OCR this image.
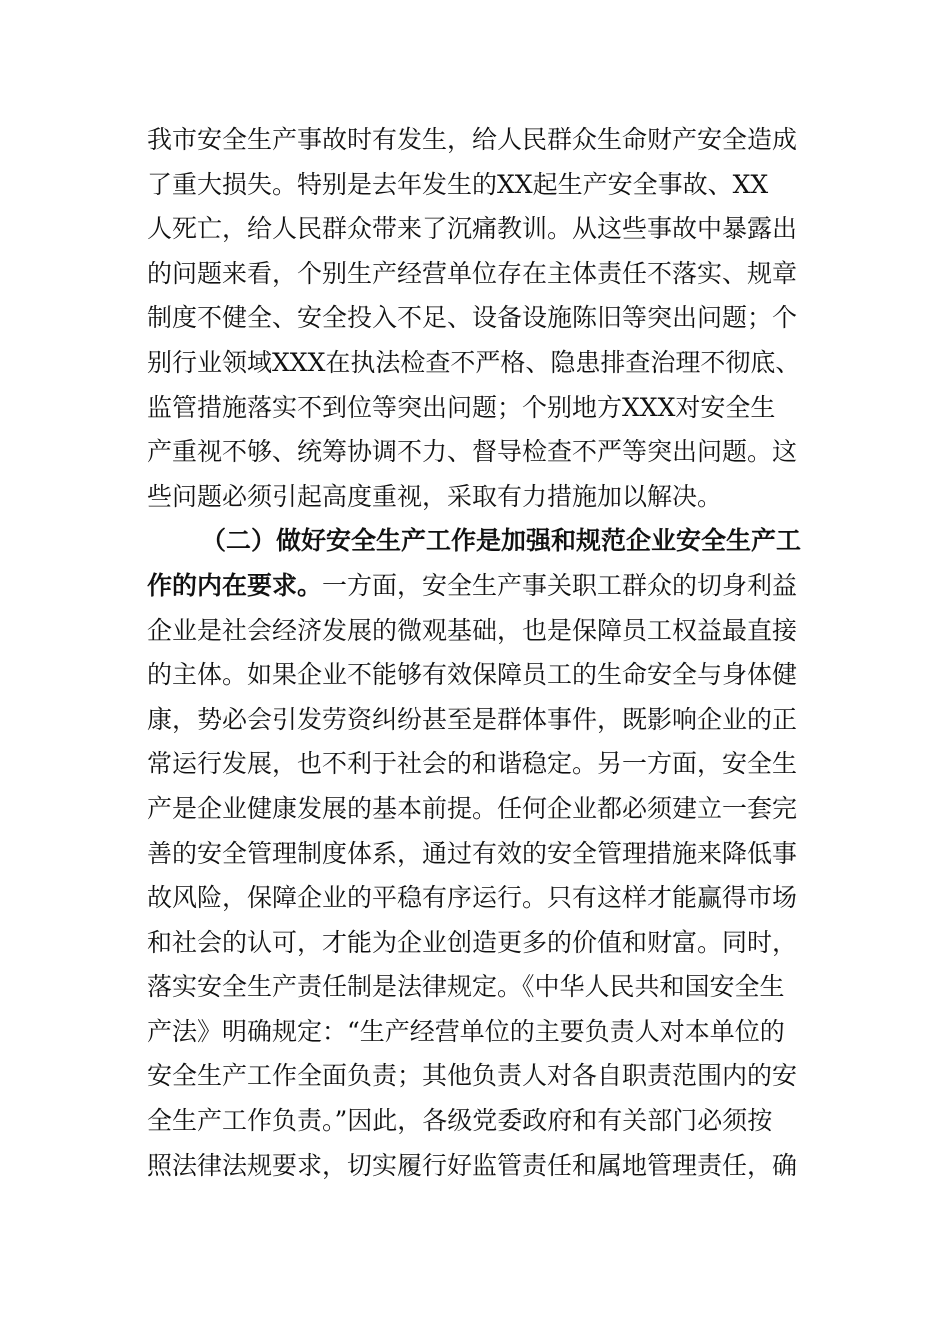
我市安全生产事故时有发生，给人民群众生命财产安全造成
了重大损失。特别是去年发生的XX起生产安全事故、XX
人死亡，给人民群众带来了沉痛教训。从这些事故中暴露出
的问题来看，个别生产经营单位存在主体责任不落实、规章
制度不健全、安全投入不足、设备设施陈旧等突出问题；个
别行业领域XXX在执法检查不严格、隐患排查治理不彻底、
监管措施落实不到位等突出问题；个别地方XXX对安全生
产重视不够、统筹协调不力、督导检查不严等突出问题。这
些问题必须引起高度重视，采取有力措施加以解决。
（二）做好安全生产工作是加强和规范企业安全生产工
作的内在要求。 一方面，安全生产事关职工群众的切身利益
企业是社会经济发展的微观基础，也是保障员工权益最直接
的主体。如果企业不能够有效保障员工的生命安全与身体健
康，势必会引发劳资纠纷甚至是群体事件，既影响企业的正
常运行发展，也不利于社会的和谐稳定。另一方面，安全生
产是企业健康发展的基本前提。任何企业都必须建立一套完
善的安全管理制度体系，通过有效的安全管理措施来降低事
故风险，保障企业的平稳有序运行。只有这样才能赢得市场
和社会的认可，才能为企业创造更多的价值和财富。同时，
落实安全生产责任制是法律规定。《中华人民共和国安全生
产法》明确规定：“生产经营单位的主要负责人对本单位的
安全生产工作全面负责；其他负责人对各自职责范围内的安
全生产工作负责。”因此，各级党委政府和有关部门必须按
照法律法规要求，切实履行好监管责任和属地管理责任，确
